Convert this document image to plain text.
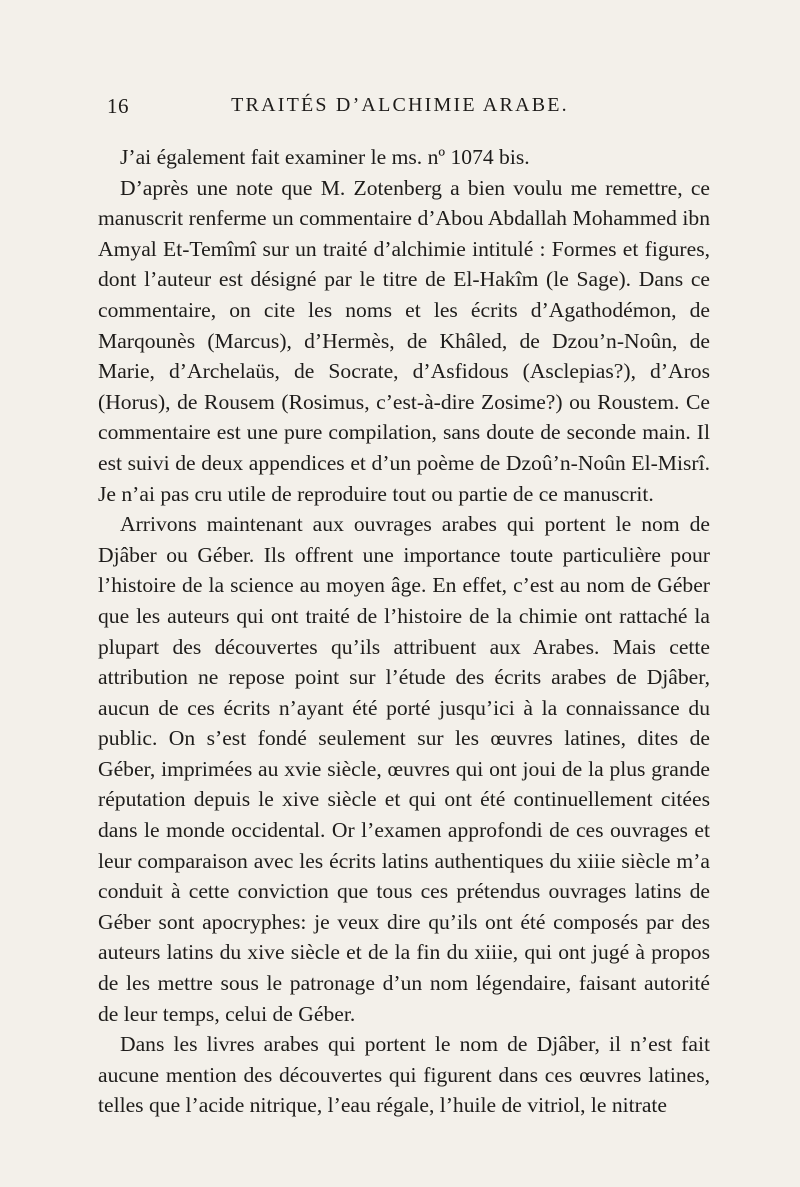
16	TRAITÉS D’ALCHIMIE ARABE.

J’ai également fait examiner le ms. nº 1074 bis.

D’après une note que M. Zotenberg a bien voulu me remettre, ce manuscrit renferme un commentaire d’Abou Abdallah Mohammed ibn Amyal Et-Temîmî sur un traité d’alchimie intitulé : Formes et figures, dont l’auteur est désigné par le titre de El-Hakîm (le Sage). Dans ce commentaire, on cite les noms et les écrits d’Agathodémon, de Marqounès (Marcus), d’Hermès, de Khâled, de Dzou’n-Noûn, de Marie, d’Archelaüs, de Socrate, d’Asfidous (Asclepias?), d’Aros (Horus), de Rousem (Rosimus, c’est-à-dire Zosime?) ou Roustem. Ce commentaire est une pure compilation, sans doute de seconde main. Il est suivi de deux appendices et d’un poème de Dzoû’n-Noûn El-Misrî. Je n’ai pas cru utile de reproduire tout ou partie de ce manuscrit.

Arrivons maintenant aux ouvrages arabes qui portent le nom de Djâber ou Géber. Ils offrent une importance toute particulière pour l’histoire de la science au moyen âge. En effet, c’est au nom de Géber que les auteurs qui ont traité de l’histoire de la chimie ont rattaché la plupart des découvertes qu’ils attribuent aux Arabes. Mais cette attribution ne repose point sur l’étude des écrits arabes de Djâber, aucun de ces écrits n’ayant été porté jusqu’ici à la connaissance du public. On s’est fondé seulement sur les œuvres latines, dites de Géber, imprimées au xvie siècle, œuvres qui ont joui de la plus grande réputation depuis le xive siècle et qui ont été continuellement citées dans le monde occidental. Or l’examen approfondi de ces ouvrages et leur comparaison avec les écrits latins authentiques du xiiie siècle m’a conduit à cette conviction que tous ces prétendus ouvrages latins de Géber sont apocryphes: je veux dire qu’ils ont été composés par des auteurs latins du xive siècle et de la fin du xiiie, qui ont jugé à propos de les mettre sous le patronage d’un nom légendaire, faisant autorité de leur temps, celui de Géber.

Dans les livres arabes qui portent le nom de Djâber, il n’est fait aucune mention des découvertes qui figurent dans ces œuvres latines, telles que l’acide nitrique, l’eau régale, l’huile de vitriol, le nitrate
